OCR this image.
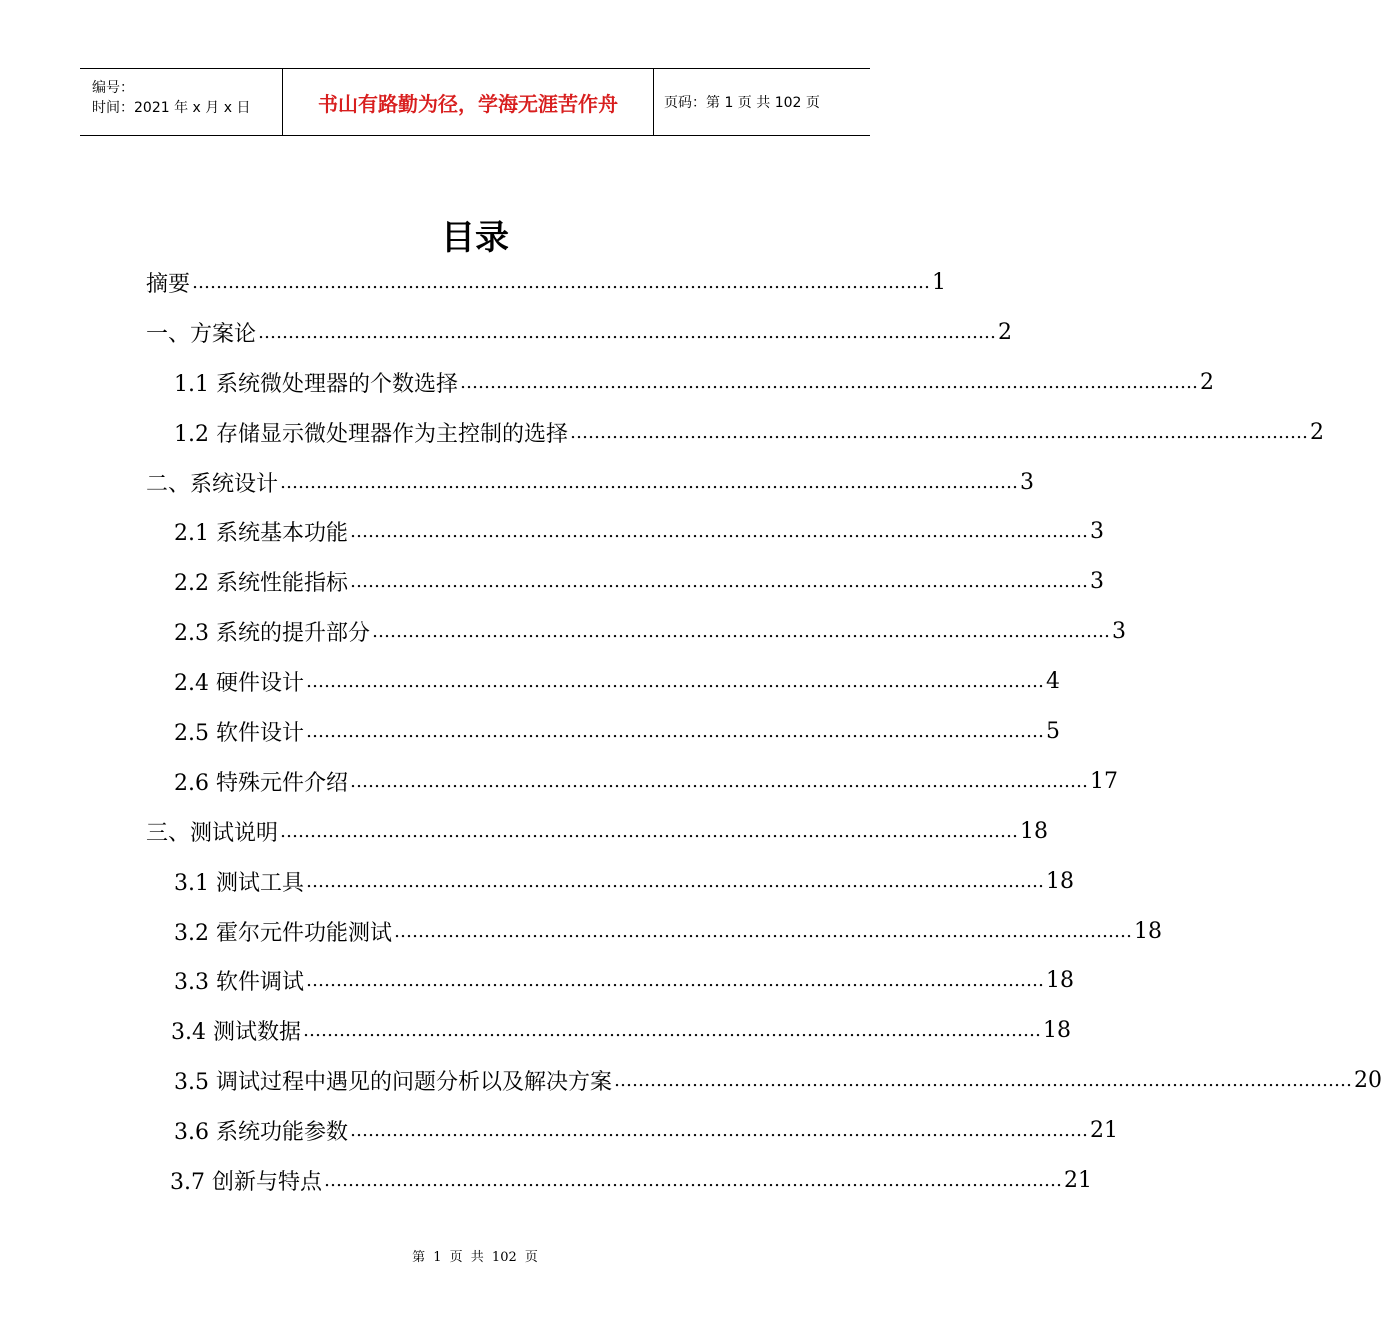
编号：
时间：2021 年 x 月 x 日	书山有路勤为径，学海无涯苦作舟	页码：第 1 页 共 102 页
目录
摘要 …………………………………………………………………………………………………………… 1
一、 方案论 …………………………………………………………………………………………………………… 2
1.1 系统微处理器的个数选择 …………………………………………………………………………………………………………… 2
1.2 存储显示微处理器作为主控制的选择 …………………………………………………………………………………………………………… 2
二、 系统设计 …………………………………………………………………………………………………………… 3
2.1 系统基本功能 …………………………………………………………………………………………………………… 3
2.2 系统性能指标 …………………………………………………………………………………………………………… 3
2.3 系统的提升部分 …………………………………………………………………………………………………………… 3
2.4 硬件设计 …………………………………………………………………………………………………………… 4
2.5 软件设计 …………………………………………………………………………………………………………… 5
2.6 特殊元件介绍 …………………………………………………………………………………………………………… 17
三、 测试说明 …………………………………………………………………………………………………………… 18
3.1 测试工具 …………………………………………………………………………………………………………… 18
3.2 霍尔元件功能测试 …………………………………………………………………………………………………………… 18
3.3 软件调试 …………………………………………………………………………………………………………… 18
3.4 测试数据 …………………………………………………………………………………………………………… 18
3.5 调试过程中遇见的问题分析以及解决方案 …………………………………………………………………………………………………………… 20
3.6 系统功能参数 …………………………………………………………………………………………………………… 21
3.7 创新与特点 …………………………………………………………………………………………………………… 21
第 1 页 共 102 页
